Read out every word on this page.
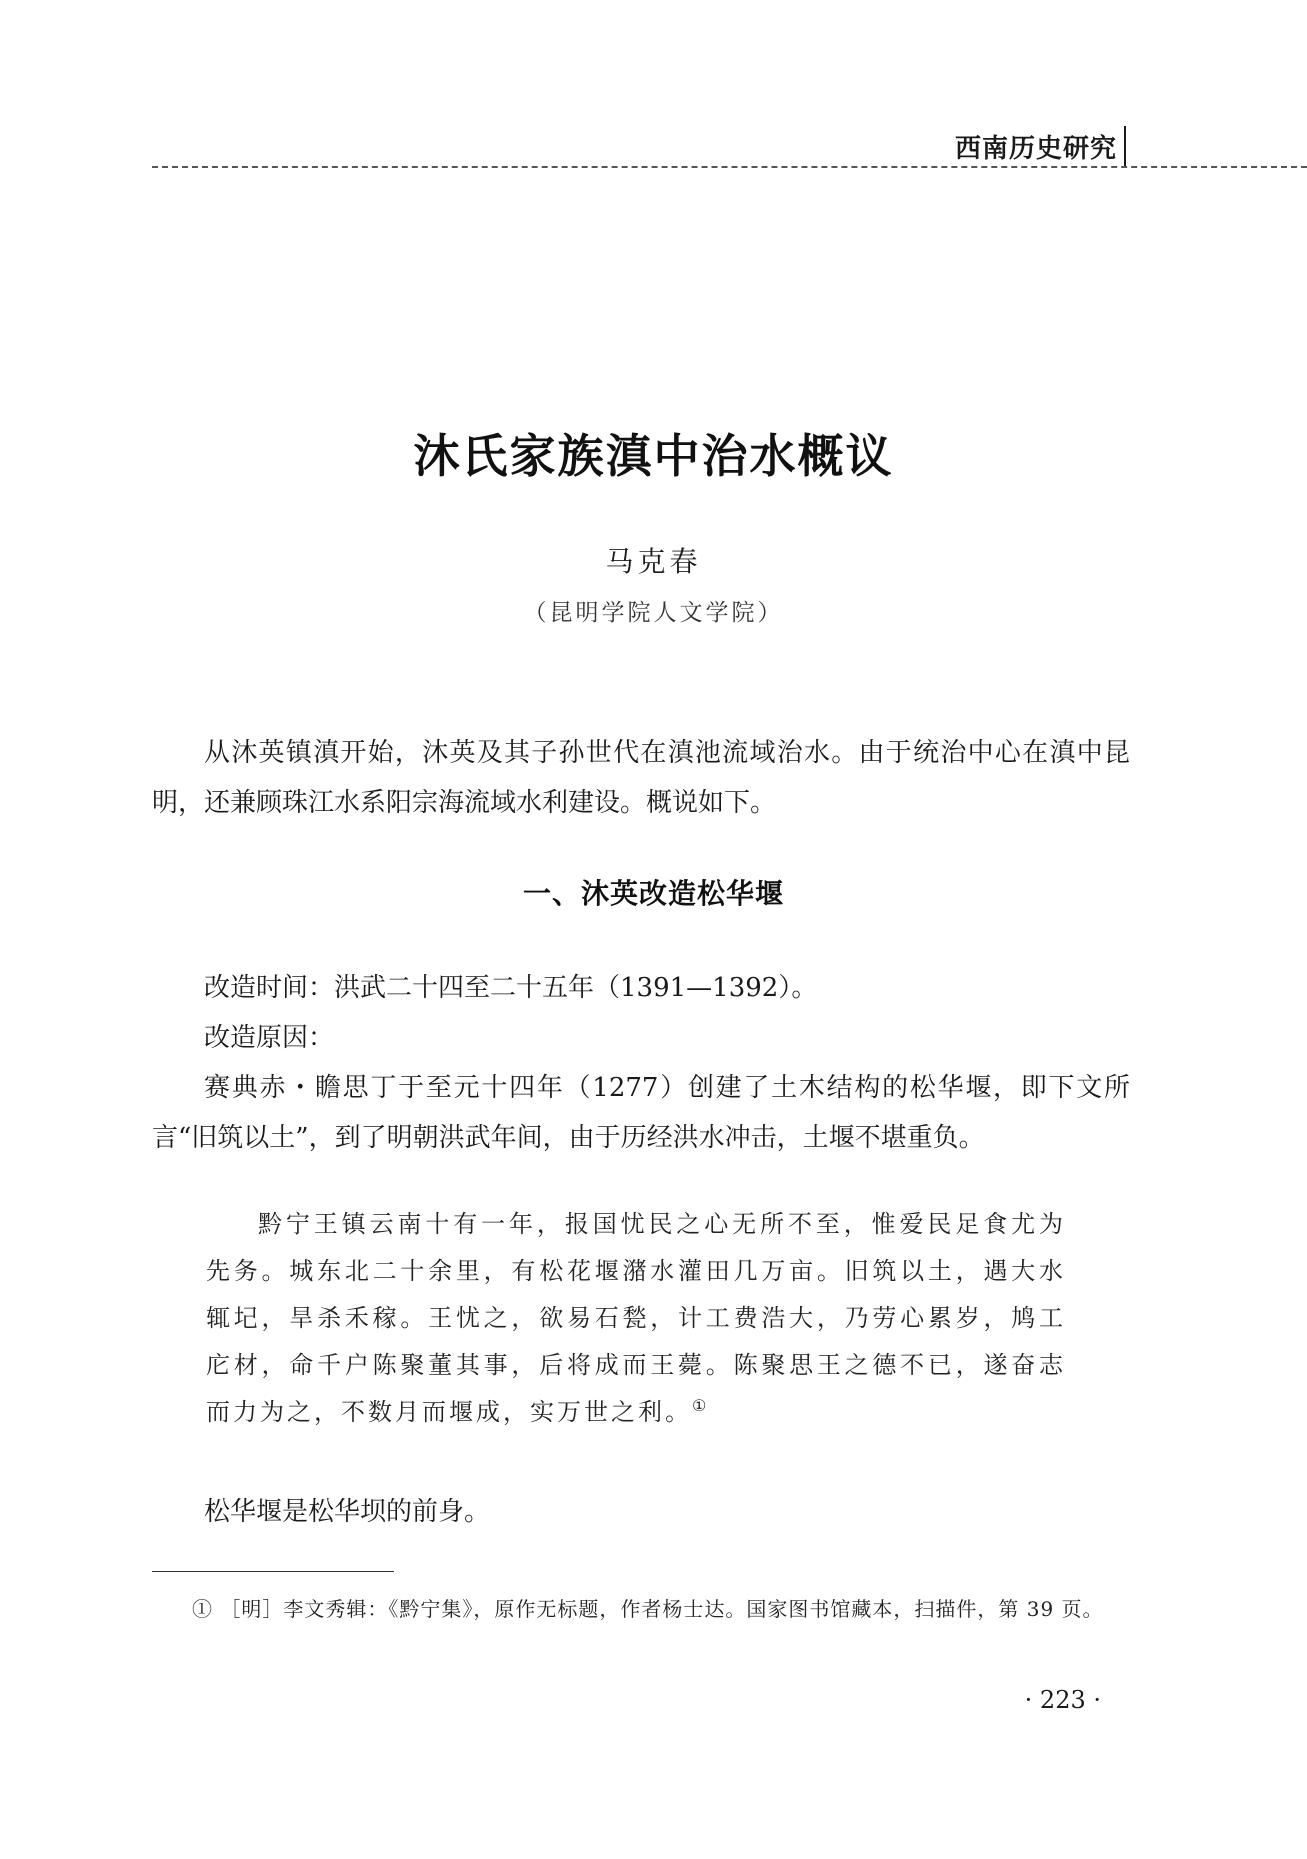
西南历史研究
沐氏家族滇中治水概议
马克春
（昆明学院人文学院）

从沐英镇滇开始，沐英及其子孙世代在滇池流域治水。由于统治中心在滇中昆明，还兼顾珠江水系阳宗海流域水利建设。概说如下。

一、沐英改造松华堰

改造时间：洪武二十四至二十五年（1391—1392）。

改造原因：

赛典赤・瞻思丁于至元十四年（1277）创建了土木结构的松华堰，即下文所言“旧筑以土”，到了明朝洪武年间，由于历经洪水冲击，土堰不堪重负。

黔宁王镇云南十有一年，报国忧民之心无所不至，惟爱民足食尤为先务。城东北二十余里，有松花堰潴水灌田几万亩。旧筑以土，遇大水辄圮，旱杀禾稼。王忧之，欲易石甃，计工费浩大，乃劳心累岁，鸠工庀材，命千户陈聚董其事，后将成而王薨。陈聚思王之德不已，遂奋志而力为之，不数月而堰成，实万世之利。①

松华堰是松华坝的前身。

① ［明］李文秀辑：《黔宁集》，原作无标题，作者杨士达。国家图书馆藏本，扫描件，第 39 页。

· 223 ·
